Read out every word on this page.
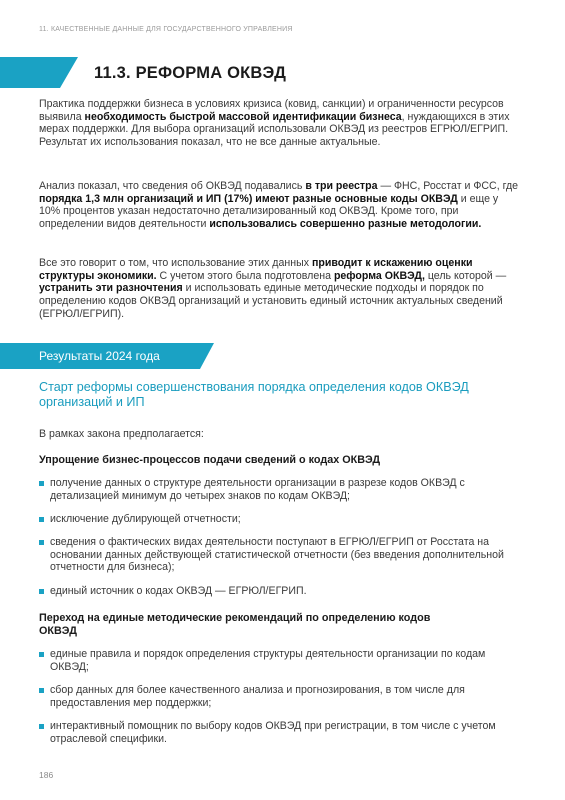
11. КАЧЕСТВЕННЫЕ ДАННЫЕ ДЛЯ ГОСУДАРСТВЕННОГО УПРАВЛЕНИЯ
11.3. РЕФОРМА ОКВЭД
Практика поддержки бизнеса в условиях кризиса (ковид, санкции) и ограниченности ресурсов выявила необходимость быстрой массовой идентификации бизнеса, нуждающихся в этих мерах поддержки. Для выбора организаций использовали ОКВЭД из реестров ЕГРЮЛ/ЕГРИП. Результат их использования показал, что не все данные актуальные.
Анализ показал, что сведения об ОКВЭД подавались в три реестра — ФНС, Росстат и ФСС, где порядка 1,3 млн организаций и ИП (17%) имеют разные основные коды ОКВЭД и еще у 10% процентов указан недостаточно детализированный код ОКВЭД. Кроме того, при определении видов деятельности использовались совершенно разные методологии.
Все это говорит о том, что использование этих данных приводит к искажению оценки структуры экономики. С учетом этого была подготовлена реформа ОКВЭД, цель которой — устранить эти разночтения и использовать единые методические подходы и порядок по определению кодов ОКВЭД организаций и установить единый источник актуальных сведений (ЕГРЮЛ/ЕГРИП).
Результаты 2024 года
Старт реформы совершенствования порядка определения кодов ОКВЭД организаций и ИП
В рамках закона предполагается:
Упрощение бизнес-процессов подачи сведений о кодах ОКВЭД
получение данных о структуре деятельности организации в разрезе кодов ОКВЭД с детализацией минимум до четырех знаков по кодам ОКВЭД;
исключение дублирующей отчетности;
сведения о фактических видах деятельности поступают в ЕГРЮЛ/ЕГРИП от Росстата на основании данных действующей статистической отчетности (без введения дополнительной отчетности для бизнеса);
единый источник о кодах ОКВЭД — ЕГРЮЛ/ЕГРИП.
Переход на единые методические рекомендаций по определению кодов ОКВЭД
единые правила и порядок определения структуры деятельности организации по кодам ОКВЭД;
сбор данных для более качественного анализа и прогнозирования, в том числе для предоставления мер поддержки;
интерактивный помощник по выбору кодов ОКВЭД при регистрации, в том числе с учетом отраслевой специфики.
186
